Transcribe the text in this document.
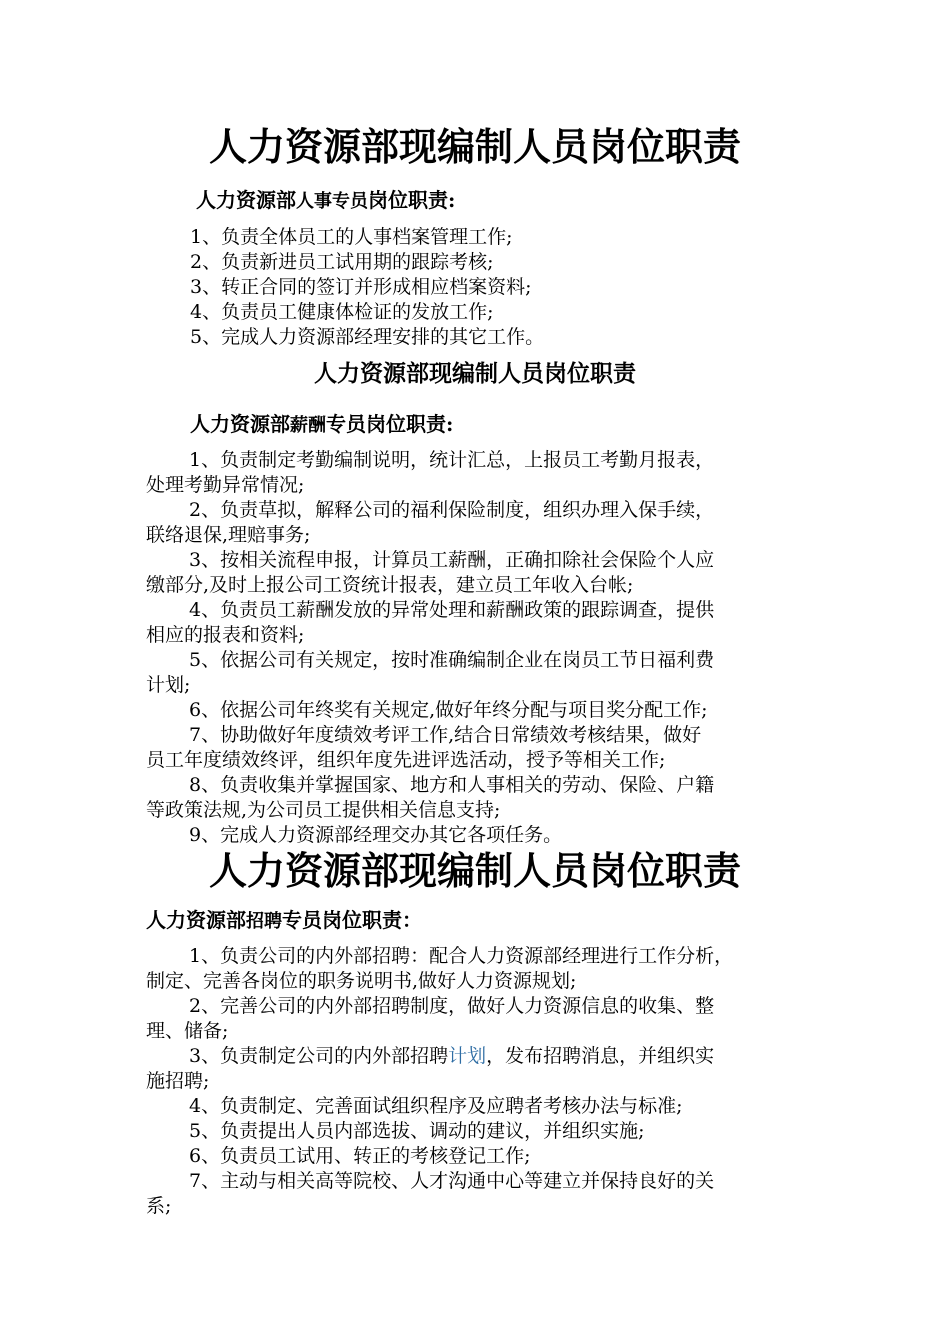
人力资源部现编制人员岗位职责
人力资源部人事专员岗位职责:
1、负责全体员工的人事档案管理工作;
2、负责新进员工试用期的跟踪考核;
3、转正合同的签订并形成相应档案资料;
4、负责员工健康体检证的发放工作;
5、完成人力资源部经理安排的其它工作。
人力资源部现编制人员岗位职责
人力资源部薪酬专员岗位职责:
1、负责制定考勤编制说明，统计汇总，上报员工考勤月报表，
处理考勤异常情况;
2、负责草拟，解释公司的福利保险制度，组织办理入保手续，
联络退保,理赔事务;
3、按相关流程申报，计算员工薪酬，正确扣除社会保险个人应
缴部分,及时上报公司工资统计报表，建立员工年收入台帐;
4、负责员工薪酬发放的异常处理和薪酬政策的跟踪调查，提供
相应的报表和资料;
5、依据公司有关规定，按时准确编制企业在岗员工节日福利费
计划;
6、依据公司年终奖有关规定,做好年终分配与项目奖分配工作;
7、协助做好年度绩效考评工作,结合日常绩效考核结果，做好
员工年度绩效终评，组织年度先进评选活动，授予等相关工作;
8、负责收集并掌握国家、地方和人事相关的劳动、保险、户籍
等政策法规,为公司员工提供相关信息支持;
9、完成人力资源部经理交办其它各项任务。
人力资源部现编制人员岗位职责
人力资源部招聘专员岗位职责：
1、负责公司的内外部招聘：配合人力资源部经理进行工作分析，
制定、完善各岗位的职务说明书,做好人力资源规划;
2、完善公司的内外部招聘制度，做好人力资源信息的收集、整
理、储备;
3、负责制定公司的内外部招聘计划，发布招聘消息，并组织实
施招聘;
4、负责制定、完善面试组织程序及应聘者考核办法与标准;
5、负责提出人员内部选拔、调动的建议，并组织实施;
6、负责员工试用、转正的考核登记工作;
7、主动与相关高等院校、人才沟通中心等建立并保持良好的关
系;
